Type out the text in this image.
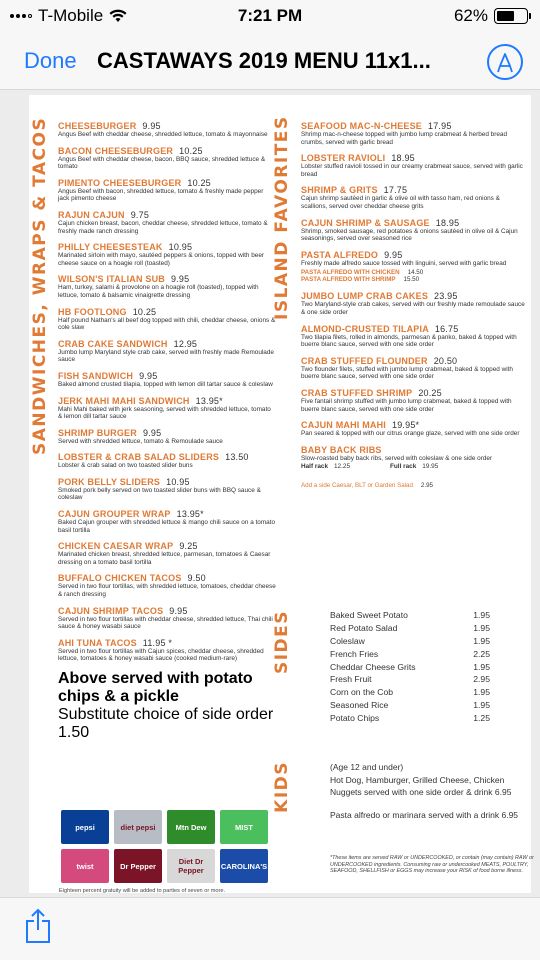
T-Mobile	7:21 PM	62%
Done CASTAWAYS 2019 MENU 11x1...
SANDWICHES, WRAPS & TACOS	ISLAND FAVORITES
SIDES
KIDS
CHEESEBURGER 9.95
Angus Beef with cheddar cheese, shredded lettuce, tomato & mayonnaise
BACON CHEESEBURGER 10.25
Angus Beef with cheddar cheese, bacon, BBQ sauce, shredded lettuce & tomato
PIMENTO CHEESEBURGER 10.25
Angus Beef with bacon, shredded lettuce, tomato & freshly made pepper jack pimento cheese
RAJUN CAJUN 9.75
Cajun chicken breast, bacon, cheddar cheese, shredded lettuce, tomato & freshly made ranch dressing
PHILLY CHEESESTEAK 10.95
Marinated sirloin with mayo, sautéed peppers & onions, topped with beer cheese sauce on a hoagie roll (toasted)
WILSON'S ITALIAN SUB 9.95
Ham, turkey, salami & provolone on a hoagie roll (toasted), topped with lettuce, tomato & balsamic vinaigrette dressing
HB FOOTLONG 10.25
Half pound Nathan's all beef dog topped with chili, cheddar cheese, onions & cole slaw
CRAB CAKE SANDWICH 12.95
Jumbo lump Maryland style crab cake, served with freshly made Remoulade sauce
FISH SANDWICH 9.95
Baked almond crusted tilapia, topped with lemon dill tartar sauce & coleslaw
JERK MAHI MAHI SANDWICH 13.95*
Mahi Mahi baked with jerk seasoning, served with shredded lettuce, tomato & lemon dill tartar sauce
SHRIMP BURGER 9.95
Served with shredded lettuce, tomato & Remoulade sauce
LOBSTER & CRAB SALAD SLIDERS 13.50
Lobster & crab salad on two toasted slider buns
PORK BELLY SLIDERS 10.95
Smoked pork belly served on two toasted slider buns with BBQ sauce & coleslaw
CAJUN GROUPER WRAP 13.95*
Baked Cajun grouper with shredded lettuce & mango chili sauce on a tomato basil tortilla
CHICKEN CAESAR WRAP 9.25
Marinated chicken breast, shredded lettuce, parmesan, tomatoes & Caesar dressing on a tomato basil tortilla
BUFFALO CHICKEN TACOS 9.50
Served in two flour tortillas, with shredded lettuce, tomatoes, cheddar cheese & ranch dressing
CAJUN SHRIMP TACOS 9.95
Served in two flour tortillas with cheddar cheese, shredded lettuce, Thai chili sauce & honey wasabi sauce
AHI TUNA TACOS 11.95 *
Served in two flour tortillas with Cajun spices, cheddar cheese, shredded lettuce, tomatoes & honey wasabi sauce (cooked medium-rare)
Above served with potato chips & a pickle
Substitute choice of side order 1.50
SEAFOOD MAC-N-CHEESE 17.95
Shrimp mac-n-cheese topped with jumbo lump crabmeat & herbed bread crumbs, served with garlic bread
LOBSTER RAVIOLI 18.95
Lobster stuffed ravioli tossed in our creamy crabmeat sauce, served with garlic bread
SHRIMP & GRITS 17.75
Cajun shrimp sautéed in garlic & olive oil with tasso ham, red onions & scallions, served over cheddar cheese grits
CAJUN SHRIMP & SAUSAGE 18.95
Shrimp, smoked sausage, red potatoes & onions sautéed in olive oil & Cajun seasonings, served over seasoned rice
PASTA ALFREDO 9.95
Freshly made alfredo sauce tossed with linguini, served with garlic bread
PASTA ALFREDO WITH CHICKEN 14.50
PASTA ALFREDO WITH SHRIMP 15.50
JUMBO LUMP CRAB CAKES 23.95
Two Maryland-style crab cakes, served with our freshly made remoulade sauce & one side order
ALMOND-CRUSTED TILAPIA 16.75
Two tilapia filets, rolled in almonds, parmesan & panko, baked & topped with buerre blanc sauce, served with one side order
CRAB STUFFED FLOUNDER 20.50
Two flounder filets, stuffed with jumbo lump crabmeat, baked & topped with buerre blanc sauce, served with one side order
CRAB STUFFED SHRIMP 20.25
Five fantail shrimp stuffed with jumbo lump crabmeat, baked & topped with buerre blanc sauce, served with one side order
CAJUN MAHI MAHI 19.95*
Pan seared & topped with our citrus orange glaze, served with one side order
BABY BACK RIBS
Slow-roasted baby back ribs, served with coleslaw & one side order
Half rack 12.25	Full rack 19.95
Add a side Caesar, BLT or Garden Salad 2.95
Baked Sweet Potato	1.95
Red Potato Salad	1.95
Coleslaw	1.95
French Fries	2.25
Cheddar Cheese Grits	1.95
Fresh Fruit	2.95
Corn on the Cob	1.95
Seasoned Rice	1.95
Potato Chips	1.25
(Age 12 and under)
Hot Dog, Hamburger, Grilled Cheese, Chicken
Nuggets served with one side order & drink 6.95
Pasta alfredo or marinara served with a drink 6.95
*These items are served RAW or UNDERCOOKED, or contain (may contain) RAW or UNDERCOOKED ingredients. Consuming raw or undercooked MEATS, POULTRY, SEAFOOD, SHELLFISH or EGGS may increase your RISK of food borne illness.
pepsi	diet pepsi	Mtn Dew	MIST
twist	Dr Pepper	Diet Dr Pepper	CAROLINA'S
Eighteen percent gratuity will be added to parties of seven or more.
